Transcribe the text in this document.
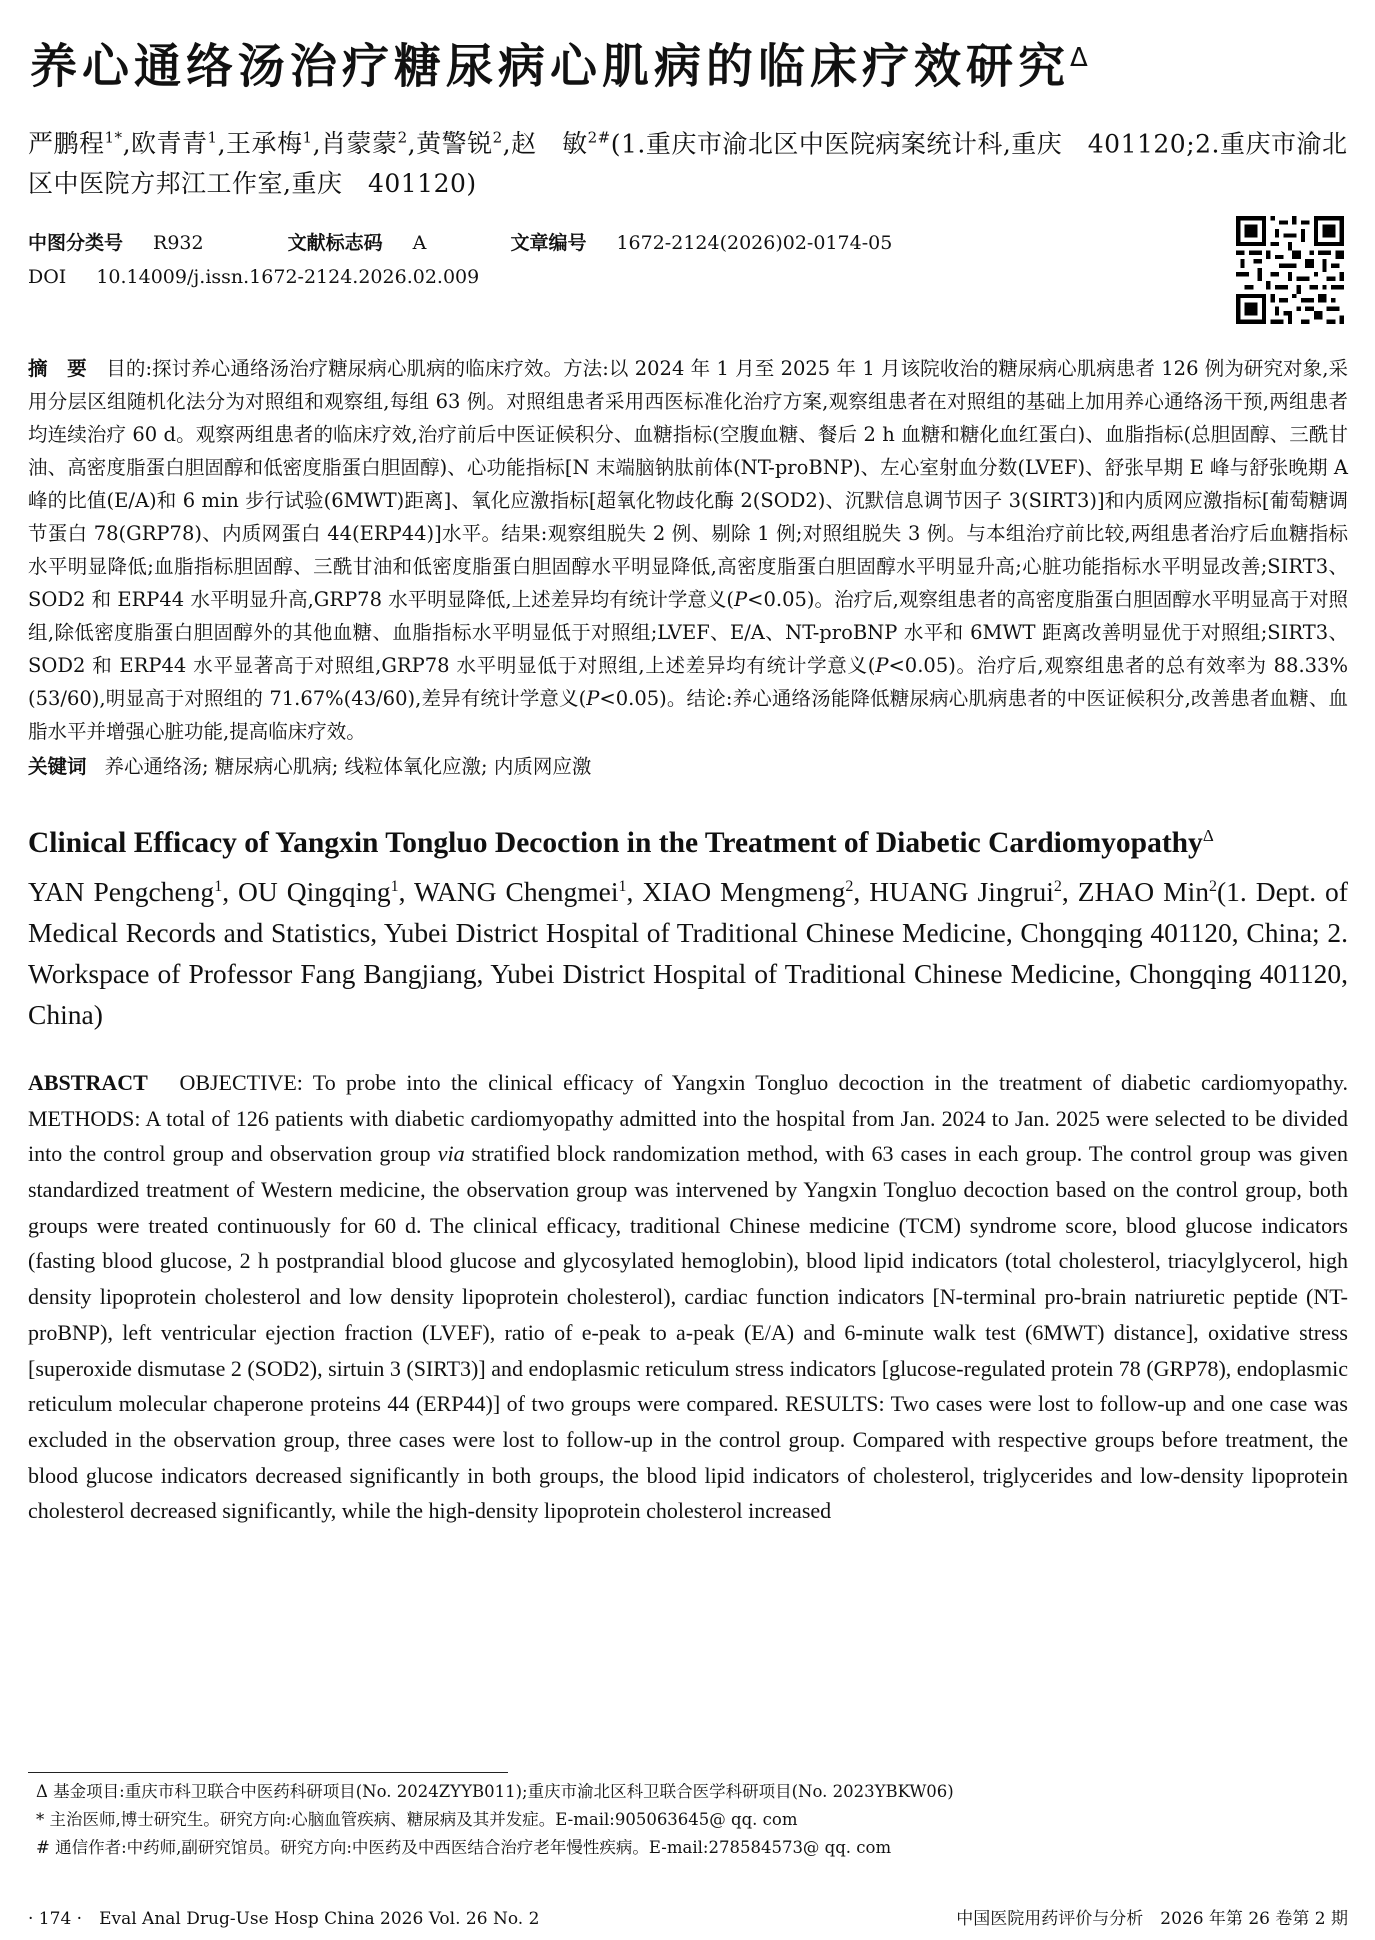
养心通络汤治疗糖尿病心肌病的临床疗效研究$^\Delta$
严鹏程$^{1*}$,欧青青$^1$,王承梅$^1$,肖蒙蒙$^2$,黄警锐$^2$,赵　敏$^{2\#}$(1.重庆市渝北区中医院病案统计科,重庆　401120;2.重庆市渝北区中医院方邦江工作室,重庆　401120)
中图分类号 R932	文献标志码 A	文章编号 1672-2124(2026)02-0174-05
DOI 10.14009/j.issn.1672-2124.2026.02.009
摘　要　 目的:探讨养心通络汤治疗糖尿病心肌病的临床疗效。方法:以 2024 年 1 月至 2025 年 1 月该院收治的糖尿病心肌病患者 126 例为研究对象,采用分层区组随机化法分为对照组和观察组,每组 63 例。对照组患者采用西医标准化治疗方案,观察组患者在对照组的基础上加用养心通络汤干预,两组患者均连续治疗 60 d。观察两组患者的临床疗效,治疗前后中医证候积分、血糖指标(空腹血糖、餐后 2 h 血糖和糖化血红蛋白)、血脂指标(总胆固醇、三酰甘油、高密度脂蛋白胆固醇和低密度脂蛋白胆固醇)、心功能指标[N 末端脑钠肽前体(NT-proBNP)、左心室射血分数(LVEF)、舒张早期 E 峰与舒张晚期 A 峰的比值(E/A)和 6 min 步行试验(6MWT)距离]、氧化应激指标[超氧化物歧化酶 2(SOD2)、沉默信息调节因子 3(SIRT3)]和内质网应激指标[葡萄糖调节蛋白 78(GRP78)、内质网蛋白 44(ERP44)]水平。结果:观察组脱失 2 例、剔除 1 例;对照组脱失 3 例。与本组治疗前比较,两组患者治疗后血糖指标水平明显降低;血脂指标胆固醇、三酰甘油和低密度脂蛋白胆固醇水平明显降低,高密度脂蛋白胆固醇水平明显升高;心脏功能指标水平明显改善;SIRT3、SOD2 和 ERP44 水平明显升高,GRP78 水平明显降低,上述差异均有统计学意义(P<0.05)。治疗后,观察组患者的高密度脂蛋白胆固醇水平明显高于对照组,除低密度脂蛋白胆固醇外的其他血糖、血脂指标水平明显低于对照组;LVEF、E/A、NT-proBNP 水平和 6MWT 距离改善明显优于对照组;SIRT3、SOD2 和 ERP44 水平显著高于对照组,GRP78 水平明显低于对照组,上述差异均有统计学意义(P<0.05)。治疗后,观察组患者的总有效率为 88.33%(53/60),明显高于对照组的 71.67%(43/60),差异有统计学意义(P<0.05)。结论:养心通络汤能降低糖尿病心肌病患者的中医证候积分,改善患者血糖、血脂水平并增强心脏功能,提高临床疗效。
关键词 养心通络汤; 糖尿病心肌病; 线粒体氧化应激; 内质网应激
Clinical Efficacy of Yangxin Tongluo Decoction in the Treatment of Diabetic Cardiomyopathy$^\Delta$
YAN Pengcheng$^1$, OU Qingqing$^1$, WANG Chengmei$^1$, XIAO Mengmeng$^2$, HUANG Jingrui$^2$, ZHAO Min$^2$(1. Dept. of Medical Records and Statistics, Yubei District Hospital of Traditional Chinese Medicine, Chongqing 401120, China; 2. Workspace of Professor Fang Bangjiang, Yubei District Hospital of Traditional Chinese Medicine, Chongqing 401120, China)
ABSTRACT　 OBJECTIVE: To probe into the clinical efficacy of Yangxin Tongluo decoction in the treatment of diabetic cardiomyopathy. METHODS: A total of 126 patients with diabetic cardiomyopathy admitted into the hospital from Jan. 2024 to Jan. 2025 were selected to be divided into the control group and observation group via stratified block randomization method, with 63 cases in each group. The control group was given standardized treatment of Western medicine, the observation group was intervened by Yangxin Tongluo decoction based on the control group, both groups were treated continuously for 60 d. The clinical efficacy, traditional Chinese medicine (TCM) syndrome score, blood glucose indicators (fasting blood glucose, 2 h postprandial blood glucose and glycosylated hemoglobin), blood lipid indicators (total cholesterol, triacylglycerol, high density lipoprotein cholesterol and low density lipoprotein cholesterol), cardiac function indicators [N-terminal pro-brain natriuretic peptide (NT-proBNP), left ventricular ejection fraction (LVEF), ratio of e-peak to a-peak (E/A) and 6-minute walk test (6MWT) distance], oxidative stress [superoxide dismutase 2 (SOD2), sirtuin 3 (SIRT3)] and endoplasmic reticulum stress indicators [glucose-regulated protein 78 (GRP78), endoplasmic reticulum molecular chaperone proteins 44 (ERP44)] of two groups were compared. RESULTS: Two cases were lost to follow-up and one case was excluded in the observation group, three cases were lost to follow-up in the control group. Compared with respective groups before treatment, the blood glucose indicators decreased significantly in both groups, the blood lipid indicators of cholesterol, triglycerides and low-density lipoprotein cholesterol decreased significantly, while the high-density lipoprotein cholesterol increased
Δ 基金项目:重庆市科卫联合中医药科研项目(No. 2024ZYYB011);重庆市渝北区科卫联合医学科研项目(No. 2023YBKW06)
* 主治医师,博士研究生。研究方向:心脑血管疾病、糖尿病及其并发症。E-mail:905063645@ qq. com
# 通信作者:中药师,副研究馆员。研究方向:中医药及中西医结合治疗老年慢性疾病。E-mail:278584573@ qq. com
· 174 ·　Eval Anal Drug-Use Hosp China 2026 Vol. 26 No. 2	中国医院用药评价与分析　2026 年第 26 卷第 2 期
